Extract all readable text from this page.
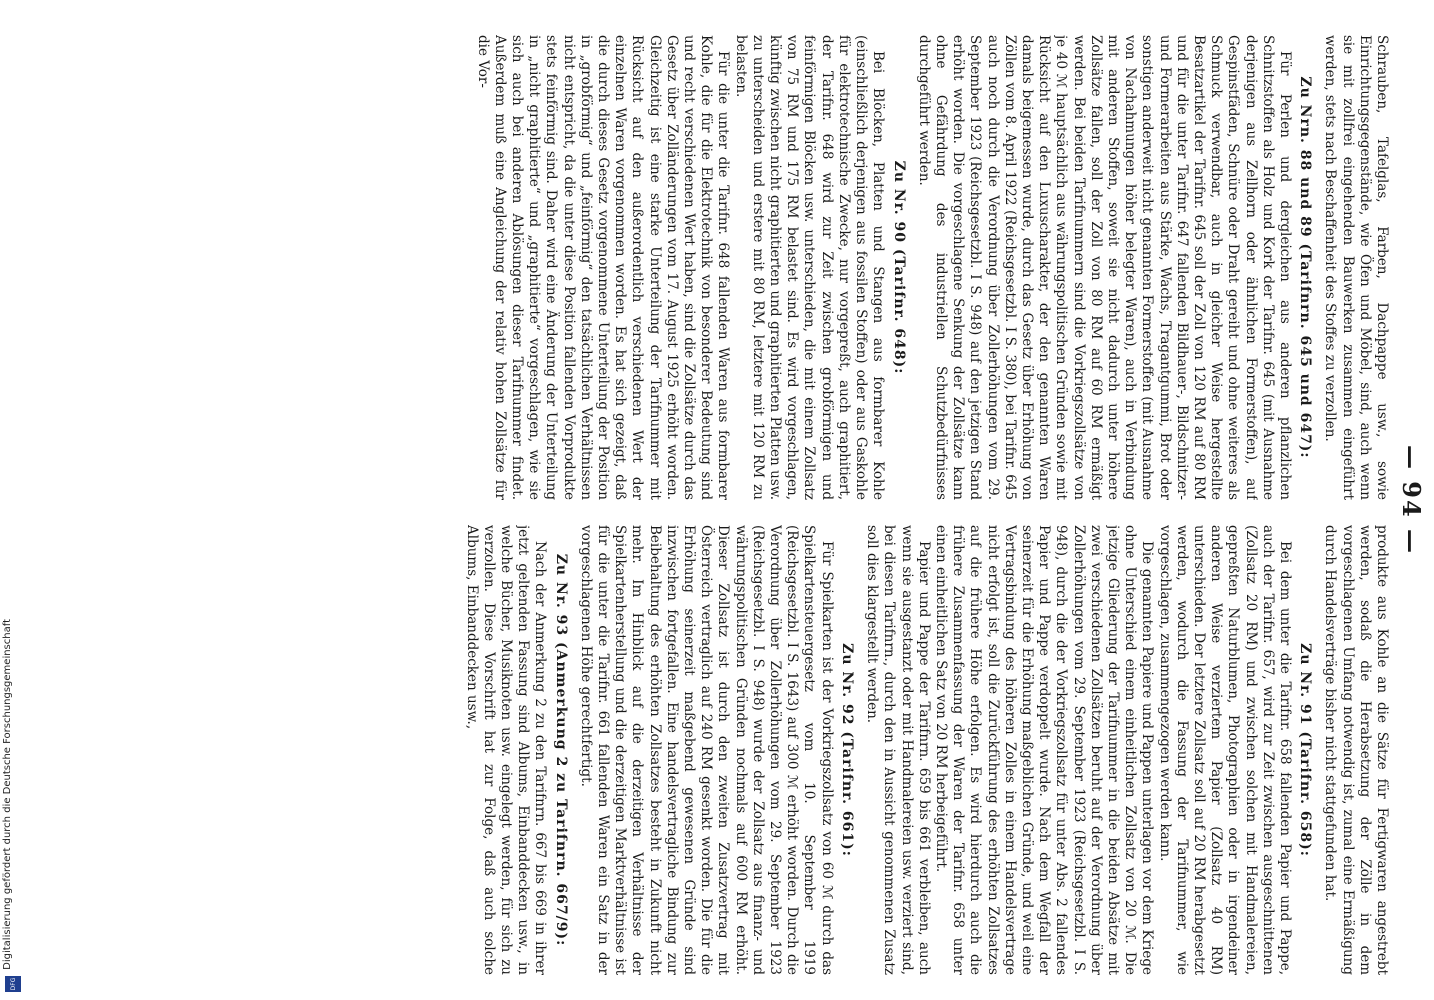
— 94 —

Schrauben, Tafelglas, Farben, Dachpappe usw., sowie Einrichtungsgegenstände, wie Öfen und Möbel, sind, auch wenn sie mit zollfrei eingehenden Bauwerken zusammen eingeführt werden, stets nach Beschaffenheit des Stoffes zu verzollen.

Zu Nrn. 88 und 89 (Tarifnrn. 645 und 647):

Für Perlen und dergleichen aus anderen pflanzlichen Schnitzstoffen als Holz und Kork der Tarifnr. 645 (mit Ausnahme derjenigen aus Zellhorn oder ähnlichen Formerstoffen), auf Gespinstfäden, Schnüre oder Draht gereiht und ohne weiteres als Schmuck verwendbar, auch in gleicher Weise hergestellte Besatzartikel der Tarifnr. 645 soll der Zoll von 120 RM auf 80 RM und für die unter Tarifnr. 647 fallenden Bildhauer-, Bildschnitzer- und Formerarbeiten aus Stärke, Wachs, Tragantgummi, Brot oder sonstigen anderweit nicht genannten Formerstoffen (mit Ausnahme von Nachahmungen höher belegter Waren), auch in Verbindung mit anderen Stoffen, soweit sie nicht dadurch unter höhere Zollsätze fallen, soll der Zoll von 80 RM auf 60 RM ermäßigt werden. Bei beiden Tarifnummern sind die Vorkriegszollsätze von je 40 ℳ hauptsächlich aus währungspolitischen Gründen sowie mit Rücksicht auf den Luxuscharakter, der den genannten Waren damals beigemessen wurde, durch das Gesetz über Erhöhung von Zöllen vom 8. April 1922 (Reichsgesetzbl. I S. 380), bei Tarifnr. 645 auch noch durch die Verordnung über Zollerhöhungen vom 29. September 1923 (Reichsgesetzbl. I S. 948) auf den jetzigen Stand erhöht worden. Die vorgeschlagene Senkung der Zollsätze kann ohne Gefährdung des industriellen Schutzbedürfnisses durchgeführt werden.

Zu Nr. 90 (Tarifnr. 648):

Bei Blöcken, Platten und Stangen aus formbarer Kohle (einschließlich derjenigen aus fossilen Stoffen) oder aus Gaskohle für elektrotechnische Zwecke, nur vorgepreßt, auch graphitiert, der Tarifnr. 648 wird zur Zeit zwischen grobförmigen und feinförmigen Blöcken usw. unterschieden, die mit einem Zollsatz von 75 RM und 175 RM belastet sind. Es wird vorgeschlagen, künftig zwischen nicht graphitierten und graphitierten Platten usw. zu unterscheiden und erstere mit 80 RM, letztere mit 120 RM zu belasten.

Für die unter die Tarifnr. 648 fallenden Waren aus formbarer Kohle, die für die Elektrotechnik von besonderer Bedeutung sind und recht verschiedenen Wert haben, sind die Zollsätze durch das Gesetz über Zolländerungen vom 17. August 1925 erhöht worden. Gleichzeitig ist eine starke Unterteilung der Tarifnummer mit Rücksicht auf den außerordentlich verschiedenen Wert der einzelnen Waren vorgenommen worden. Es hat sich gezeigt, daß die durch dieses Gesetz vorgenommene Unterteilung der Position in „grobförmig“ und „feinförmig“ den tatsächlichen Verhältnissen nicht entspricht, da die unter diese Position fallenden Vorprodukte stets feinförmig sind. Daher wird eine Änderung der Unterteilung in „nicht graphitierte“ und „graphitierte“ vorgeschlagen, wie sie sich auch bei anderen Ablösungen dieser Tarifnummer findet. Außerdem muß eine Angleichung der relativ hohen Zollsätze für die Vor-

produkte aus Kohle an die Sätze für Fertigwaren angestrebt werden, sodaß die Herabsetzung der Zölle in dem vorgeschlagenen Umfang notwendig ist, zumal eine Ermäßigung durch Handelsverträge bisher nicht stattgefunden hat.

Zu Nr. 91 (Tarifnr. 658):

Bei dem unter die Tarifnr. 658 fallenden Papier und Pappe, auch der Tarifnr. 657, wird zur Zeit zwischen ausgeschnittenen (Zollsatz 20 RM) und zwischen solchen mit Handmalereien, gepreßten Naturblumen, Photographien oder in irgendeiner anderen Weise verziertem Papier (Zollsatz 40 RM) unterschieden. Der letztere Zollsatz soll auf 20 RM herabgesetzt werden, wodurch die Fassung der Tarifnummer, wie vorgeschlagen, zusammengezogen werden kann.

Die genannten Papiere und Pappen unterlagen vor dem Kriege ohne Unterschied einem einheitlichen Zollsatz von 20 ℳ. Die jetzige Gliederung der Tarifnummer in die beiden Absätze mit zwei verschiedenen Zollsätzen beruht auf der Verordnung über Zollerhöhungen vom 29. September 1923 (Reichsgesetzbl. I S. 948), durch die der Vorkriegszollsatz für unter Abs. 2 fallendes Papier und Pappe verdoppelt wurde. Nach dem Wegfall der seinerzeit für die Erhöhung maßgeblichen Gründe, und weil eine Vertragsbindung des höheren Zolles in einem Handelsvertrage nicht erfolgt ist, soll die Zurückführung des erhöhten Zollsatzes auf die frühere Höhe erfolgen. Es wird hierdurch auch die frühere Zusammenfassung der Waren der Tarifnr. 658 unter einen einheitlichen Satz von 20 RM herbeigeführt.

Papier und Pappe der Tarifnrn. 659 bis 661 verbleiben, auch wenn sie ausgestanzt oder mit Handmalereien usw. verziert sind, bei diesen Tarifnrn., durch den in Aussicht genommenen Zusatz soll dies klargestellt werden.

Zu Nr. 92 (Tarifnr. 661):

Für Spielkarten ist der Vorkriegszollsatz von 60 ℳ durch das Spielkartensteuergesetz vom 10. September 1919 (Reichsgesetzbl. I S. 1643) auf 300 ℳ erhöht worden. Durch die Verordnung über Zollerhöhungen vom 29. September 1923 (Reichsgesetzbl. I S. 948) wurde der Zollsatz aus finanz- und währungspolitischen Gründen nochmals auf 600 RM erhöht. Dieser Zollsatz ist durch den zweiten Zusatzvertrag mit Österreich vertraglich auf 240 RM gesenkt worden. Die für die Erhöhung seinerzeit maßgebend gewesenen Gründe sind inzwischen fortgefallen. Eine handelsvertragliche Bindung zur Beibehaltung des erhöhten Zollsatzes besteht in Zukunft nicht mehr. Im Hinblick auf die derzeitigen Verhältnisse der Spielkartenherstellung und die derzeitigen Marktverhältnisse ist für die unter die Tarifnr. 661 fallenden Waren ein Satz in der vorgeschlagenen Höhe gerechtfertigt.

Zu Nr. 93 (Anmerkung 2 zu Tarifnrn. 667/9):

Nach der Anmerkung 2 zu den Tarifnrn. 667 bis 669 in ihrer jetzt geltenden Fassung sind Albums, Einbanddecken usw., in welche Bücher, Musiknoten usw. eingelegt werden, für sich zu verzollen. Diese Vorschrift hat zur Folge, daß auch solche Albums, Einbanddecken usw.,

Digitalisierung gefördert durch die Deutsche Forschungsgemeinschaft
DFG
